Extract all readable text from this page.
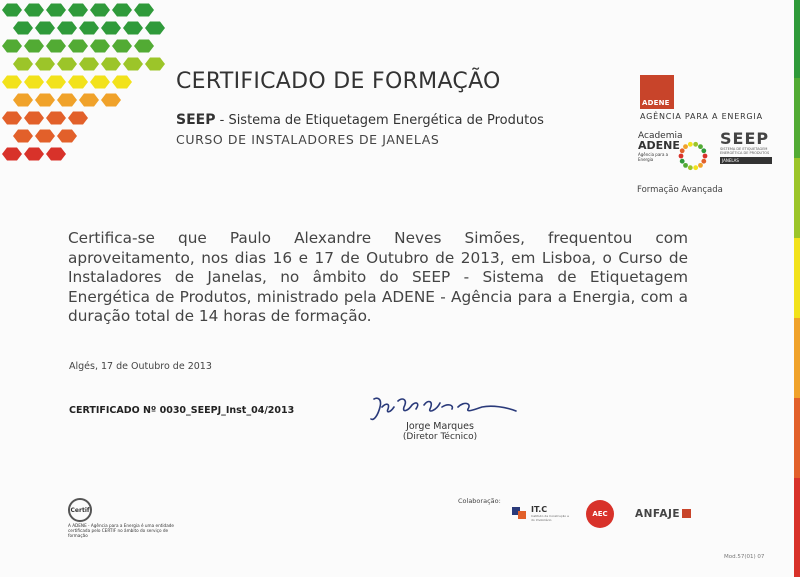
CERTIFICADO DE FORMAÇÃO
SEEP - Sistema de Etiquetagem Energética de Produtos
CURSO DE INSTALADORES DE JANELAS
ADENE
AGÊNCIA PARA A ENERGIA
Academia
ADENE
Agência para a Energia
SEEP
SISTEMA DE ETIQUETAGEM
ENERGÉTICA DE PRODUTOS
JANELAS
Formação Avançada
Certifica-se que Paulo Alexandre Neves Simões, frequentou com aproveitamento, nos dias 16 e 17 de Outubro de 2013, em Lisboa, o Curso de Instaladores de Janelas, no âmbito do SEEP - Sistema de Etiquetagem Energética de Produtos, ministrado pela ADENE - Agência para a Energia, com a duração total de 14 horas de formação.
Algés, 17 de Outubro de 2013
CERTIFICADO Nº 0030_SEEPJ_Inst_04/2013
Jorge Marques
(Diretor Técnico)
Certif
A ADENE - Agência para a Energia é uma entidade certificada pelo CERTIF no âmbito do serviço de formação
Colaboração:
IT.C
Instituto da Construção e do Imobiliário
AEC	ANFAJE
Mod.57(01) 07
